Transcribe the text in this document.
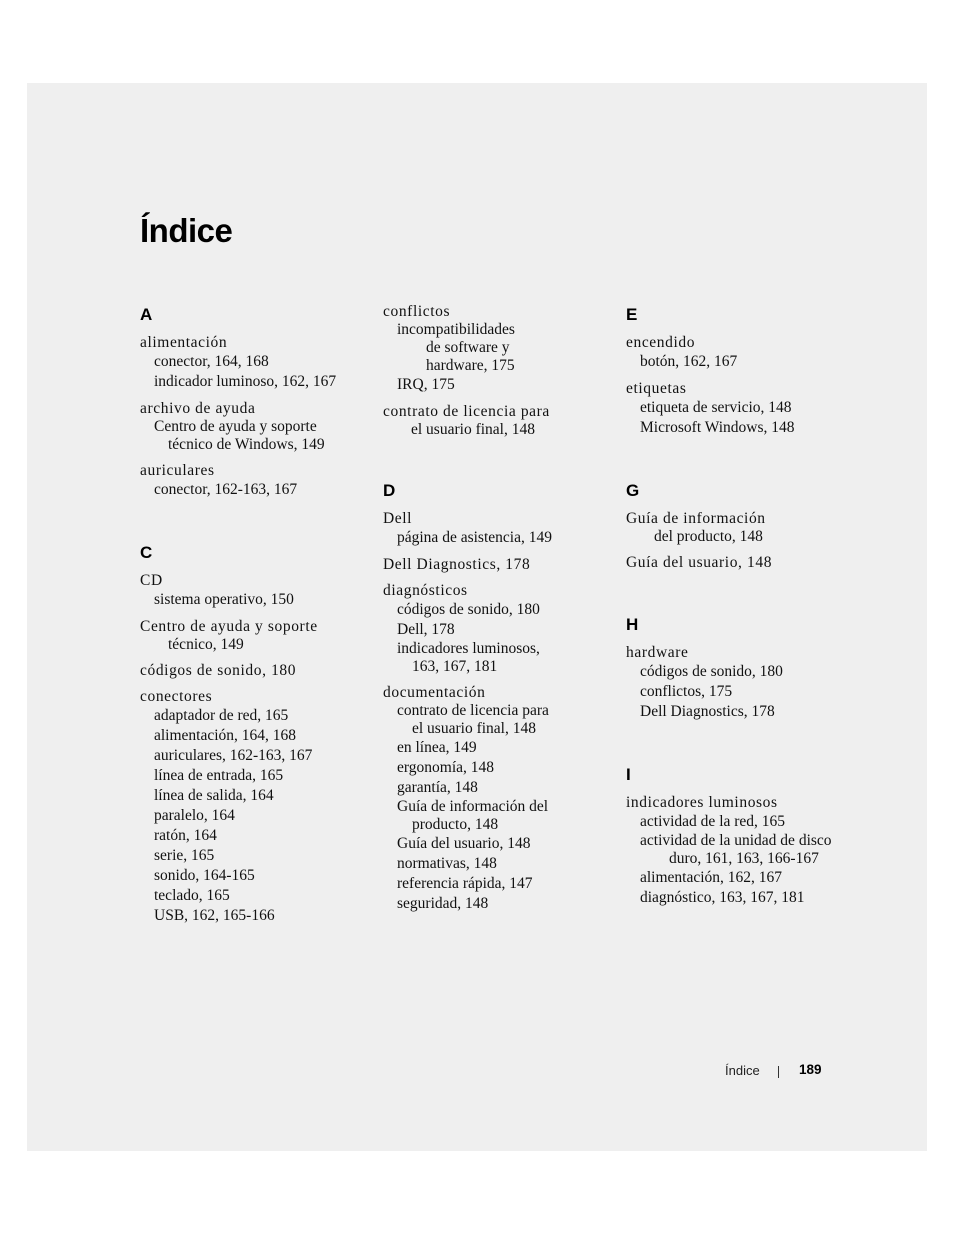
Índice
A
alimentación
conector, 164, 168
indicador luminoso, 162, 167
archivo de ayuda
Centro de ayuda y soporte
técnico de Windows, 149
auriculares
conector, 162-163, 167
C
CD
sistema operativo, 150
Centro de ayuda y soporte
técnico, 149
códigos de sonido, 180
conectores
adaptador de red, 165
alimentación, 164, 168
auriculares, 162-163, 167
línea de entrada, 165
línea de salida, 164
paralelo, 164
ratón, 164
serie, 165
sonido, 164-165
teclado, 165
USB, 162, 165-166
conflictos
incompatibilidades
de software y
hardware, 175
IRQ, 175
contrato de licencia para
el usuario final, 148
D
Dell
página de asistencia, 149
Dell Diagnostics, 178
diagnósticos
códigos de sonido, 180
Dell, 178
indicadores luminosos,
163, 167, 181
documentación
contrato de licencia para
el usuario final, 148
en línea, 149
ergonomía, 148
garantía, 148
Guía de información del
producto, 148
Guía del usuario, 148
normativas, 148
referencia rápida, 147
seguridad, 148
E
encendido
botón, 162, 167
etiquetas
etiqueta de servicio, 148
Microsoft Windows, 148
G
Guía de información
del producto, 148
Guía del usuario, 148
H
hardware
códigos de sonido, 180
conflictos, 175
Dell Diagnostics, 178
I
indicadores luminosos
actividad de la red, 165
actividad de la unidad de disco
duro, 161, 163, 166-167
alimentación, 162, 167
diagnóstico, 163, 167, 181
Índice	189
